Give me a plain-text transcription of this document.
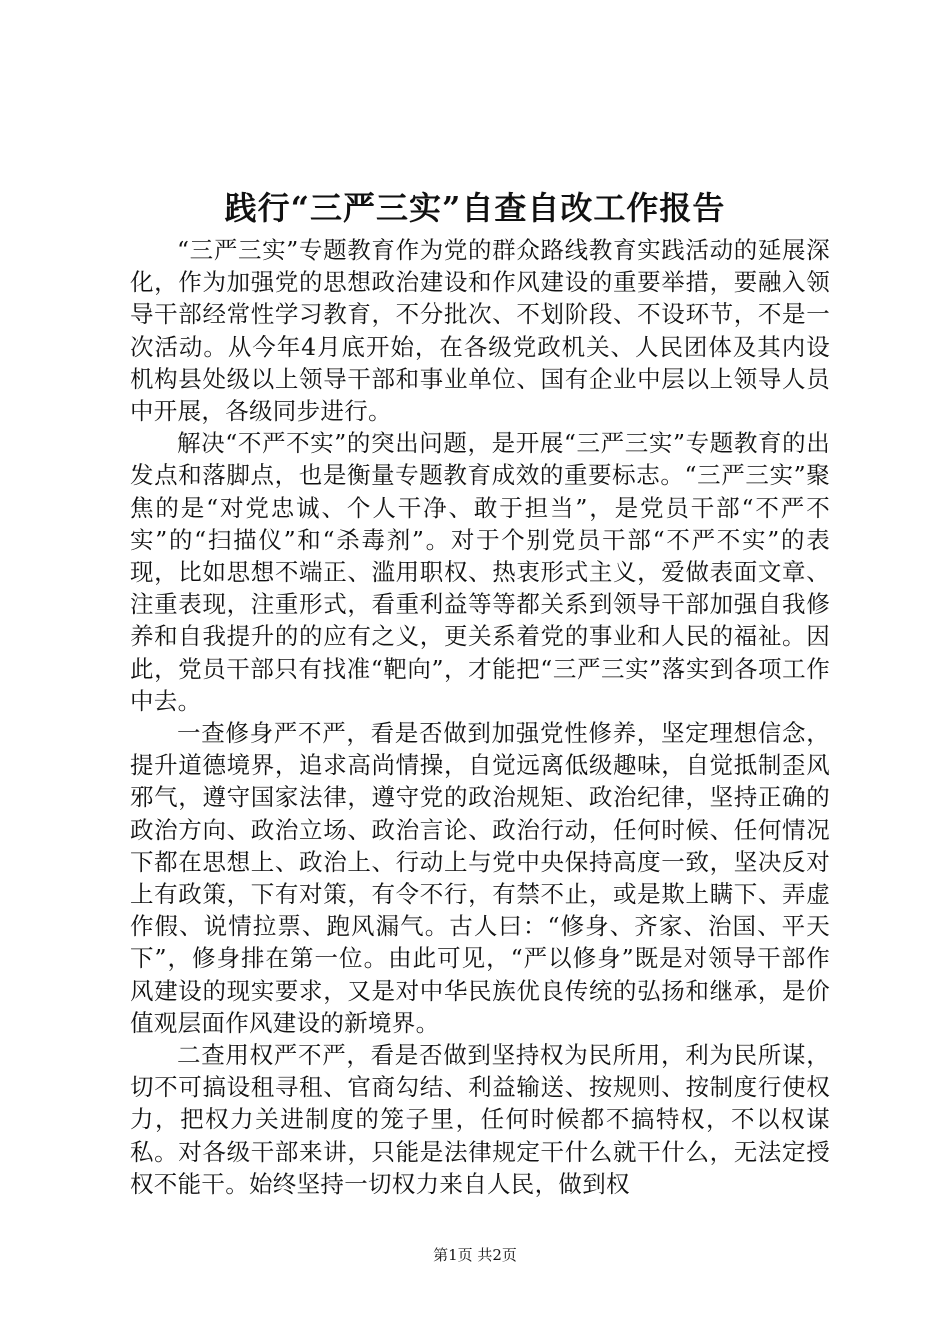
践行“三严三实”自查自改工作报告

“三严三实”专题教育作为党的群众路线教育实践活动的延展深化，作为加强党的思想政治建设和作风建设的重要举措，要融入领导干部经常性学习教育，不分批次、不划阶段、不设环节，不是一次活动。从今年4月底开始，在各级党政机关、人民团体及其内设机构县处级以上领导干部和事业单位、国有企业中层以上领导人员中开展，各级同步进行。

解决“不严不实”的突出问题，是开展“三严三实”专题教育的出发点和落脚点，也是衡量专题教育成效的重要标志。“三严三实”聚焦的是“对党忠诚、个人干净、敢于担当”，是党员干部“不严不实”的“扫描仪”和“杀毒剂”。对于个别党员干部“不严不实”的表现，比如思想不端正、滥用职权、热衷形式主义，爱做表面文章、注重表现，注重形式，看重利益等等都关系到领导干部加强自我修养和自我提升的的应有之义，更关系着党的事业和人民的福祉。因此，党员干部只有找准“靶向”，才能把“三严三实”落实到各项工作中去。

一查修身严不严，看是否做到加强党性修养，坚定理想信念，提升道德境界，追求高尚情操，自觉远离低级趣味，自觉抵制歪风邪气，遵守国家法律，遵守党的政治规矩、政治纪律，坚持正确的政治方向、政治立场、政治言论、政治行动，任何时候、任何情况下都在思想上、政治上、行动上与党中央保持高度一致，坚决反对上有政策，下有对策，有令不行，有禁不止，或是欺上瞒下、弄虚作假、说情拉票、跑风漏气。古人曰：“修身、齐家、治国、平天下”，修身排在第一位。由此可见，“严以修身”既是对领导干部作风建设的现实要求，又是对中华民族优良传统的弘扬和继承，是价值观层面作风建设的新境界。

二查用权严不严，看是否做到坚持权为民所用，利为民所谋，切不可搞设租寻租、官商勾结、利益输送、按规则、按制度行使权力，把权力关进制度的笼子里，任何时候都不搞特权，不以权谋私。对各级干部来讲，只能是法律规定干什么就干什么，无法定授权不能干。始终坚持一切权力来自人民，做到权

第1页 共2页
